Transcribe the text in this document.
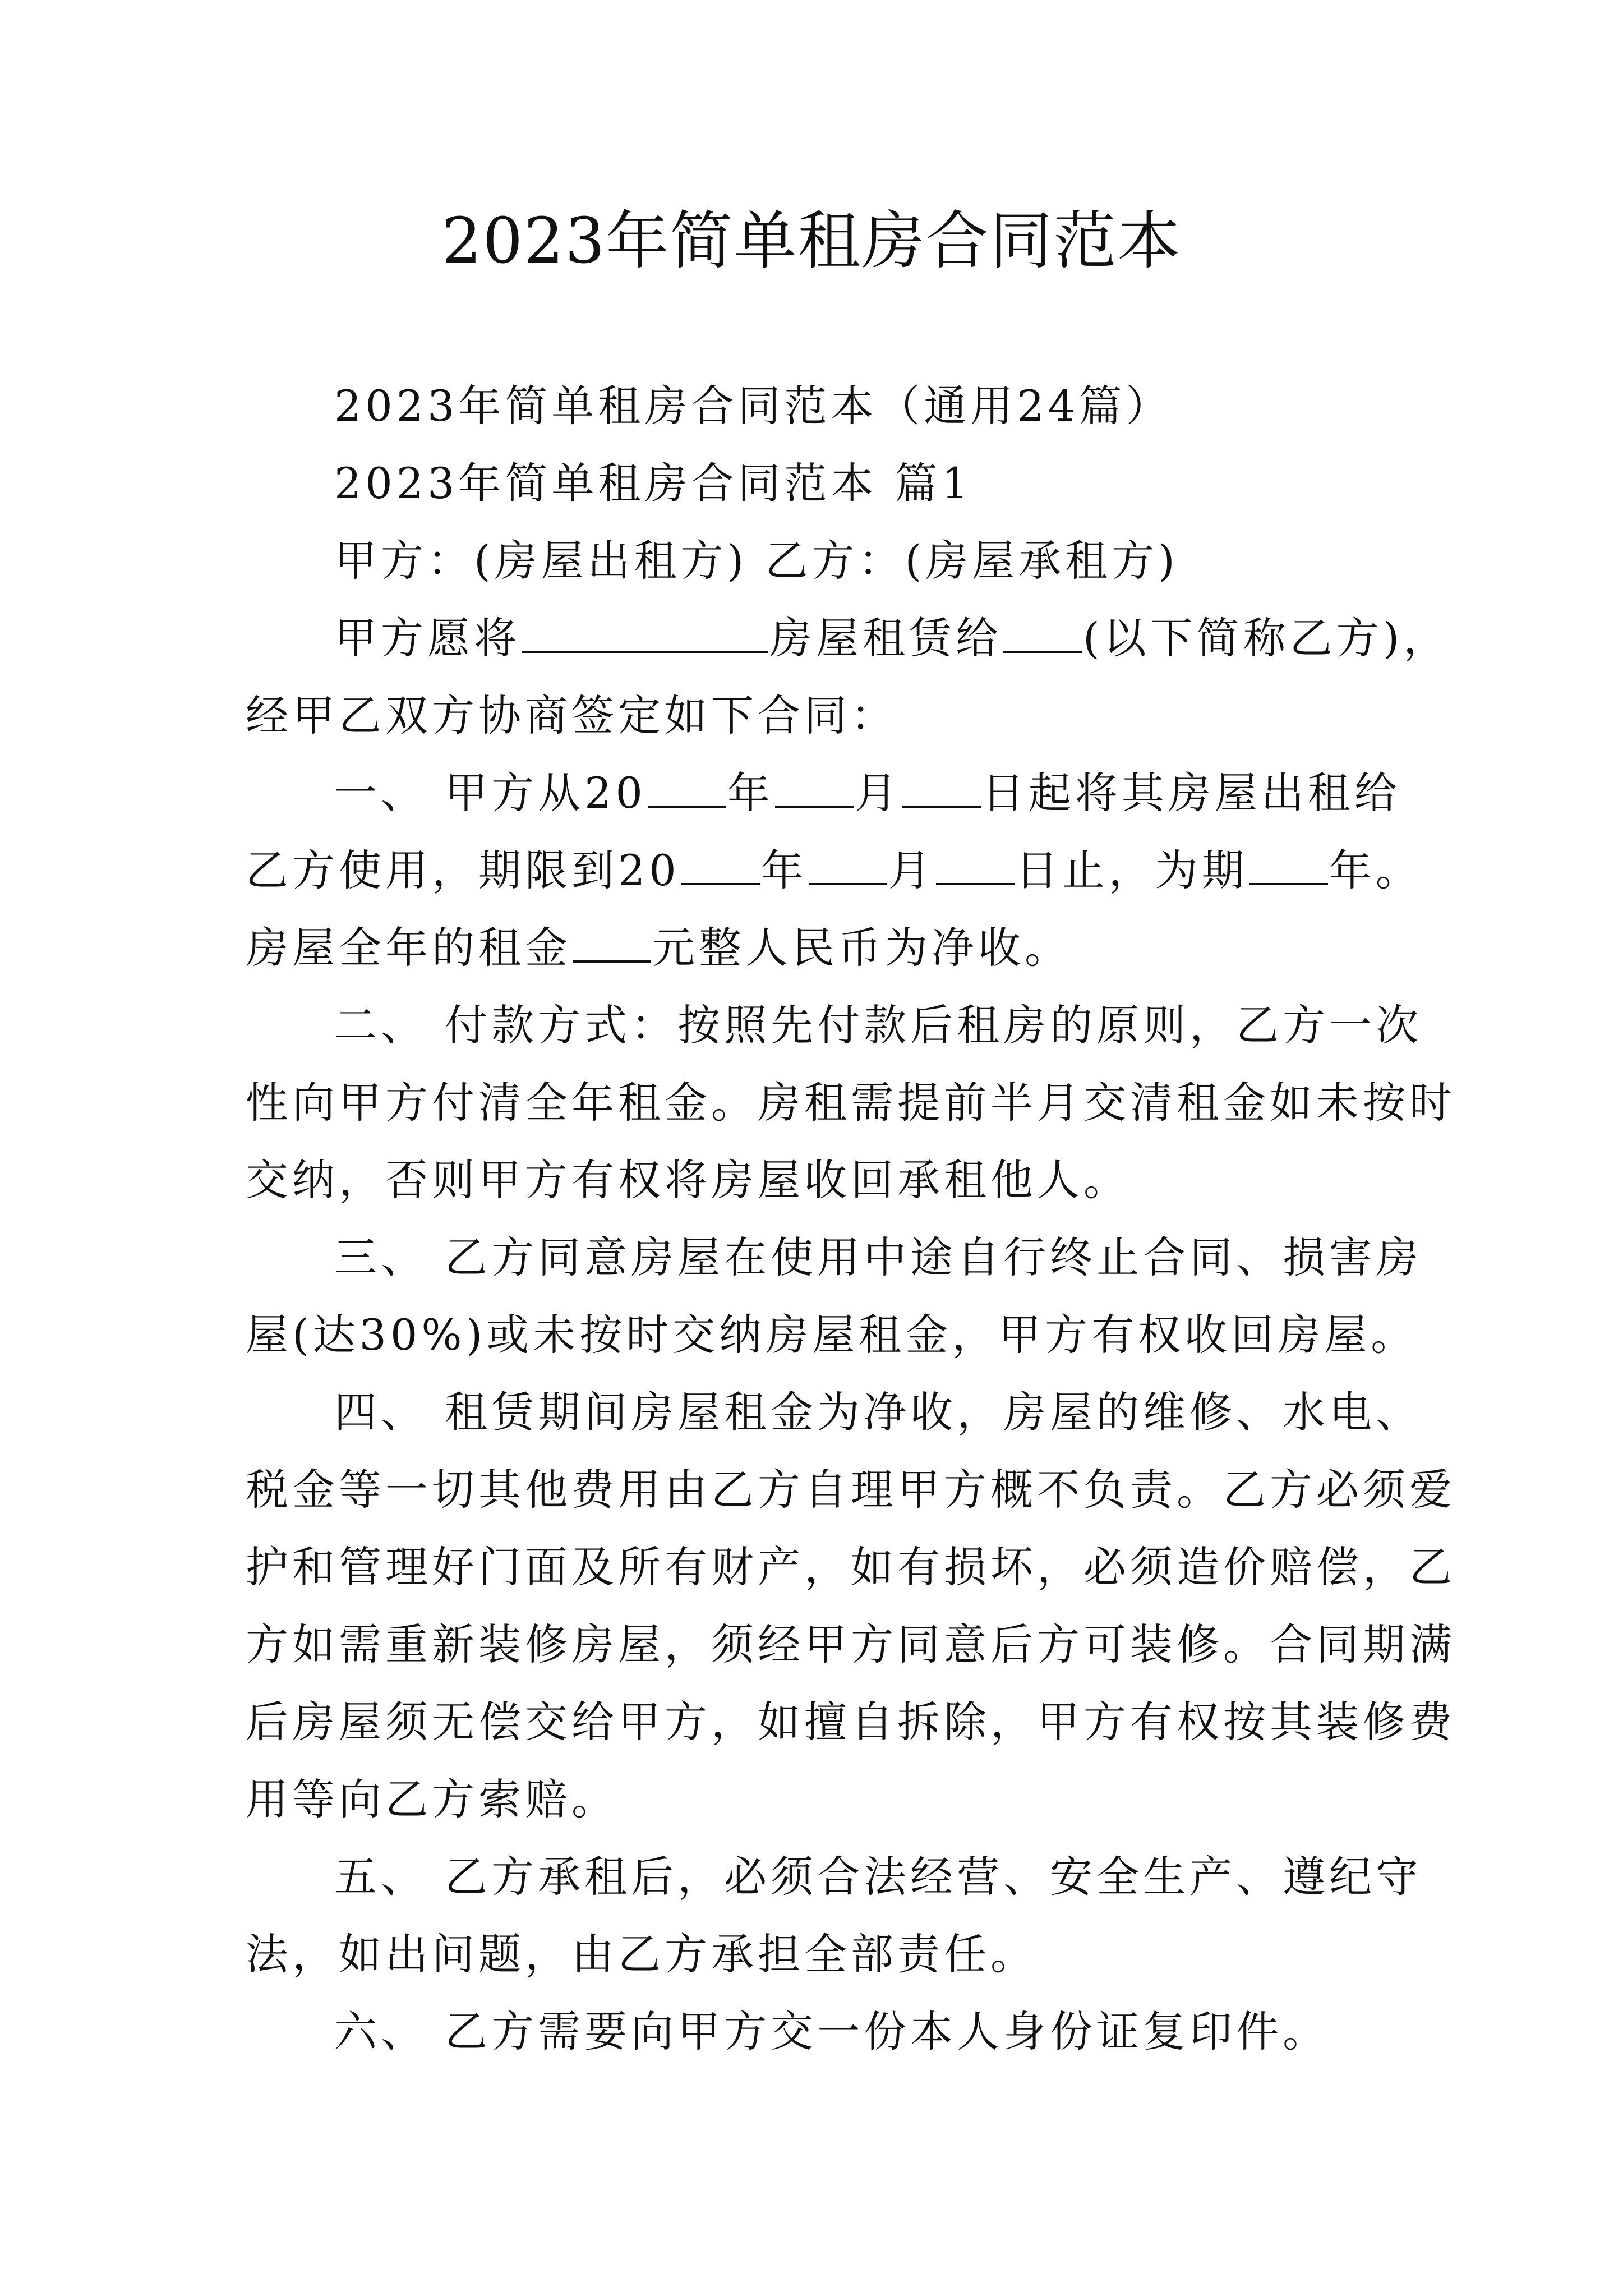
2023年简单租房合同范本
2023年简单租房合同范本（通用24篇）
2023年简单租房合同范本 篇1
甲方：(房屋出租方) 乙方：(房屋承租方)
甲方愿将	房屋租赁给 (以下简称乙方)，
经甲乙双方协商签定如下合同：
一、 甲方从20 年 月 日起将其房屋出租给
乙方使用，期限到20 年 月 日止，为期 年。
房屋全年的租金 元整人民币为净收。
二、 付款方式：按照先付款后租房的原则，乙方一次
性向甲方付清全年租金。房租需提前半月交清租金如未按时
交纳，否则甲方有权将房屋收回承租他人。
三、 乙方同意房屋在使用中途自行终止合同、损害房
屋(达30%)或未按时交纳房屋租金，甲方有权收回房屋。
四、 租赁期间房屋租金为净收，房屋的维修、水电、
税金等一切其他费用由乙方自理甲方概不负责。乙方必须爱
护和管理好门面及所有财产，如有损坏，必须造价赔偿，乙
方如需重新装修房屋，须经甲方同意后方可装修。合同期满
后房屋须无偿交给甲方，如擅自拆除，甲方有权按其装修费
用等向乙方索赔。
五、 乙方承租后，必须合法经营、安全生产、遵纪守
法，如出问题，由乙方承担全部责任。
六、 乙方需要向甲方交一份本人身份证复印件。
